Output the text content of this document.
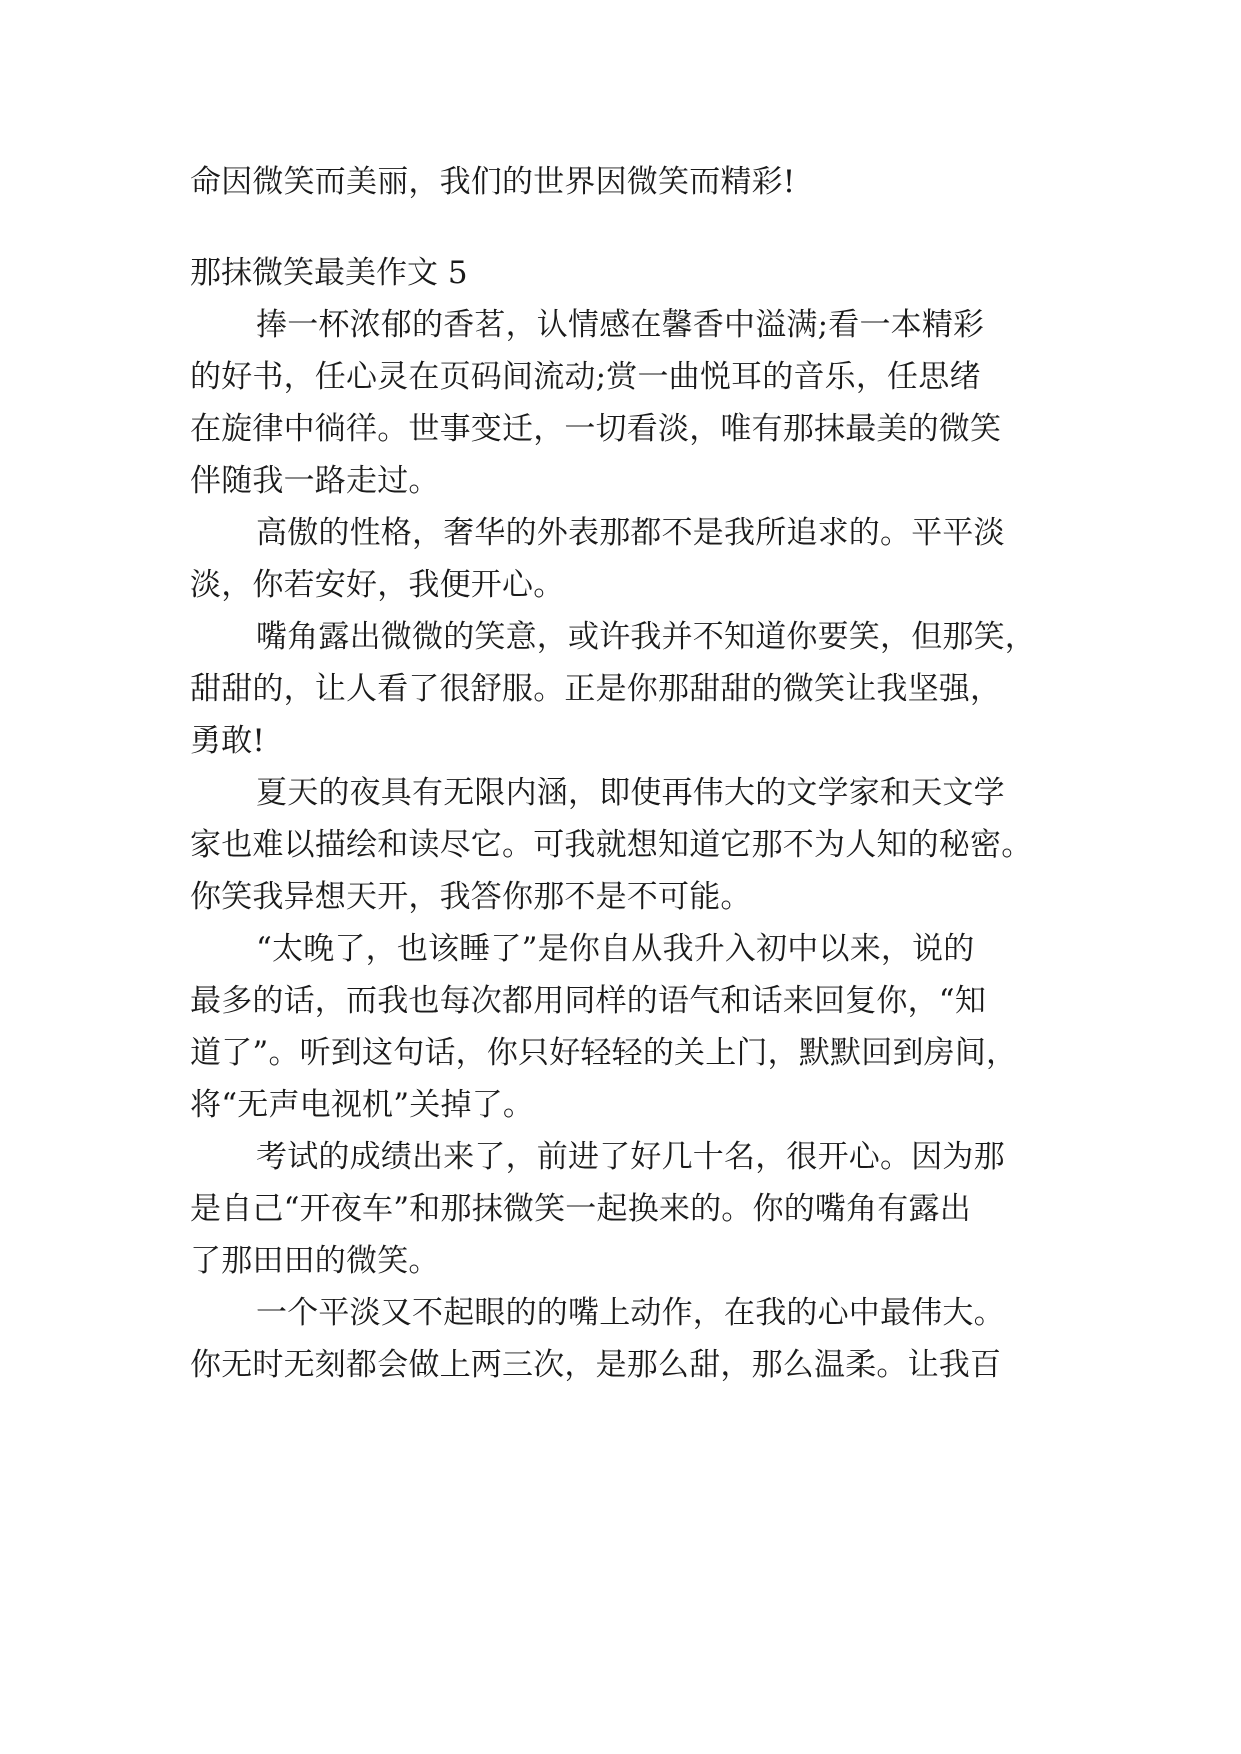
命因微笑而美丽，我们的世界因微笑而精彩!
那抹微笑最美作文 5
捧一杯浓郁的香茗，认情感在馨香中溢满;看一本精彩
的好书，任心灵在页码间流动;赏一曲悦耳的音乐，任思绪
在旋律中徜徉。世事变迁，一切看淡，唯有那抹最美的微笑
伴随我一路走过。
高傲的性格，奢华的外表那都不是我所追求的。平平淡
淡，你若安好，我便开心。
嘴角露出微微的笑意，或许我并不知道你要笑，但那笑，
甜甜的，让人看了很舒服。正是你那甜甜的微笑让我坚强，
勇敢!
夏天的夜具有无限内涵，即使再伟大的文学家和天文学
家也难以描绘和读尽它。可我就想知道它那不为人知的秘密。
你笑我异想天开，我答你那不是不可能。
“太晚了，也该睡了”是你自从我升入初中以来，说的
最多的话，而我也每次都用同样的语气和话来回复你，“知
道了”。听到这句话，你只好轻轻的关上门，默默回到房间，
将“无声电视机”关掉了。
考试的成绩出来了，前进了好几十名，很开心。因为那
是自己“开夜车”和那抹微笑一起换来的。你的嘴角有露出
了那田田的微笑。
一个平淡又不起眼的的嘴上动作，在我的心中最伟大。
你无时无刻都会做上两三次，是那么甜，那么温柔。让我百
